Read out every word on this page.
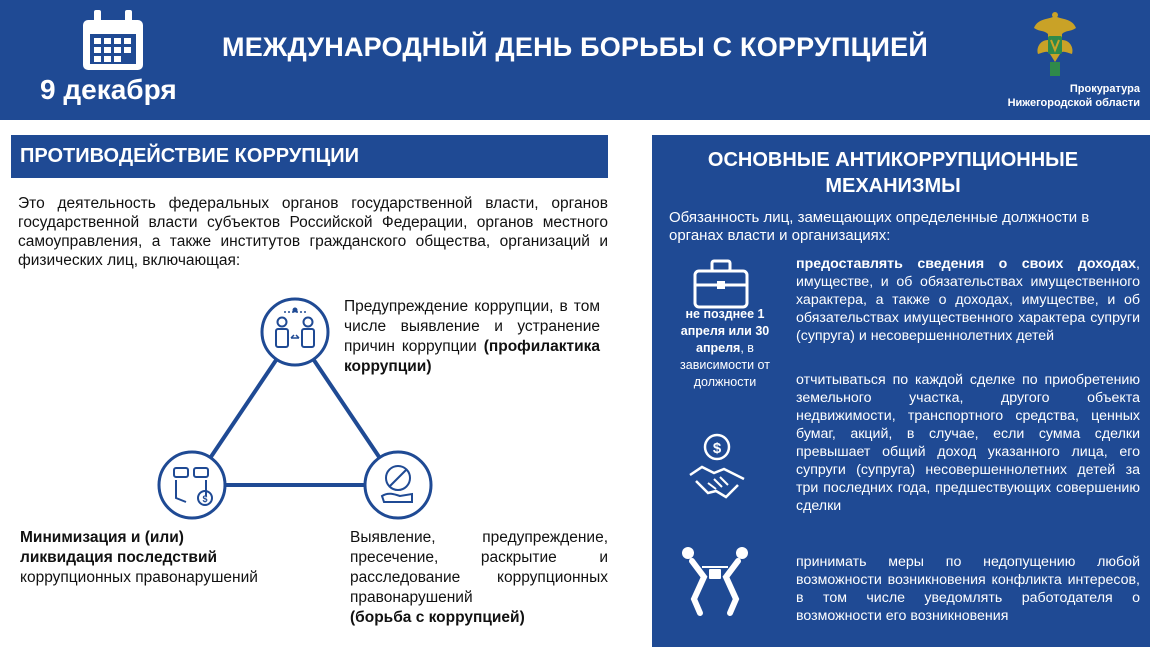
9 декабря
МЕЖДУНАРОДНЫЙ ДЕНЬ БОРЬБЫ С КОРРУПЦИЕЙ
Прокуратура
Нижегородской области
ПРОТИВОДЕЙСТВИЕ КОРРУПЦИИ
Это деятельность федеральных органов государственной власти, органов государственной власти субъектов Российской Федерации, органов местного самоуправления, а также институтов гражданского общества, организаций и физических лиц, включающая:
$
Предупреждение коррупции, в том числе выявление и устранение причин коррупции (профилактика коррупции)
Минимизация и (или) ликвидация последствий
коррупционных правонарушений
Выявление, предупреждение, пресечение, раскрытие и расследование коррупционных правонарушений
(борьба с коррупцией)
ОСНОВНЫЕ АНТИКОРРУПЦИОННЫЕ
МЕХАНИЗМЫ
Обязанность лиц, замещающих определенные должности в органах власти и организациях:
не позднее 1 апреля или 30 апреля, в зависимости от должности
$
предоставлять сведения о своих доходах, имуществе, и об обязательствах имущественного характера, а также о доходах, имуществе, и об обязательствах имущественного характера супруги (супруга) и несовершеннолетних детей
отчитываться по каждой сделке по приобретению земельного участка, другого объекта недвижимости, транспортного средства, ценных бумаг, акций, в случае, если сумма сделки превышает общий доход указанного лица, его супруги (супруга) несовершеннолетних детей за три последних года, предшествующих совершению сделки
принимать меры по недопущению любой возможности возникновения конфликта интересов, в том числе уведомлять работодателя о возможности его возникновения
